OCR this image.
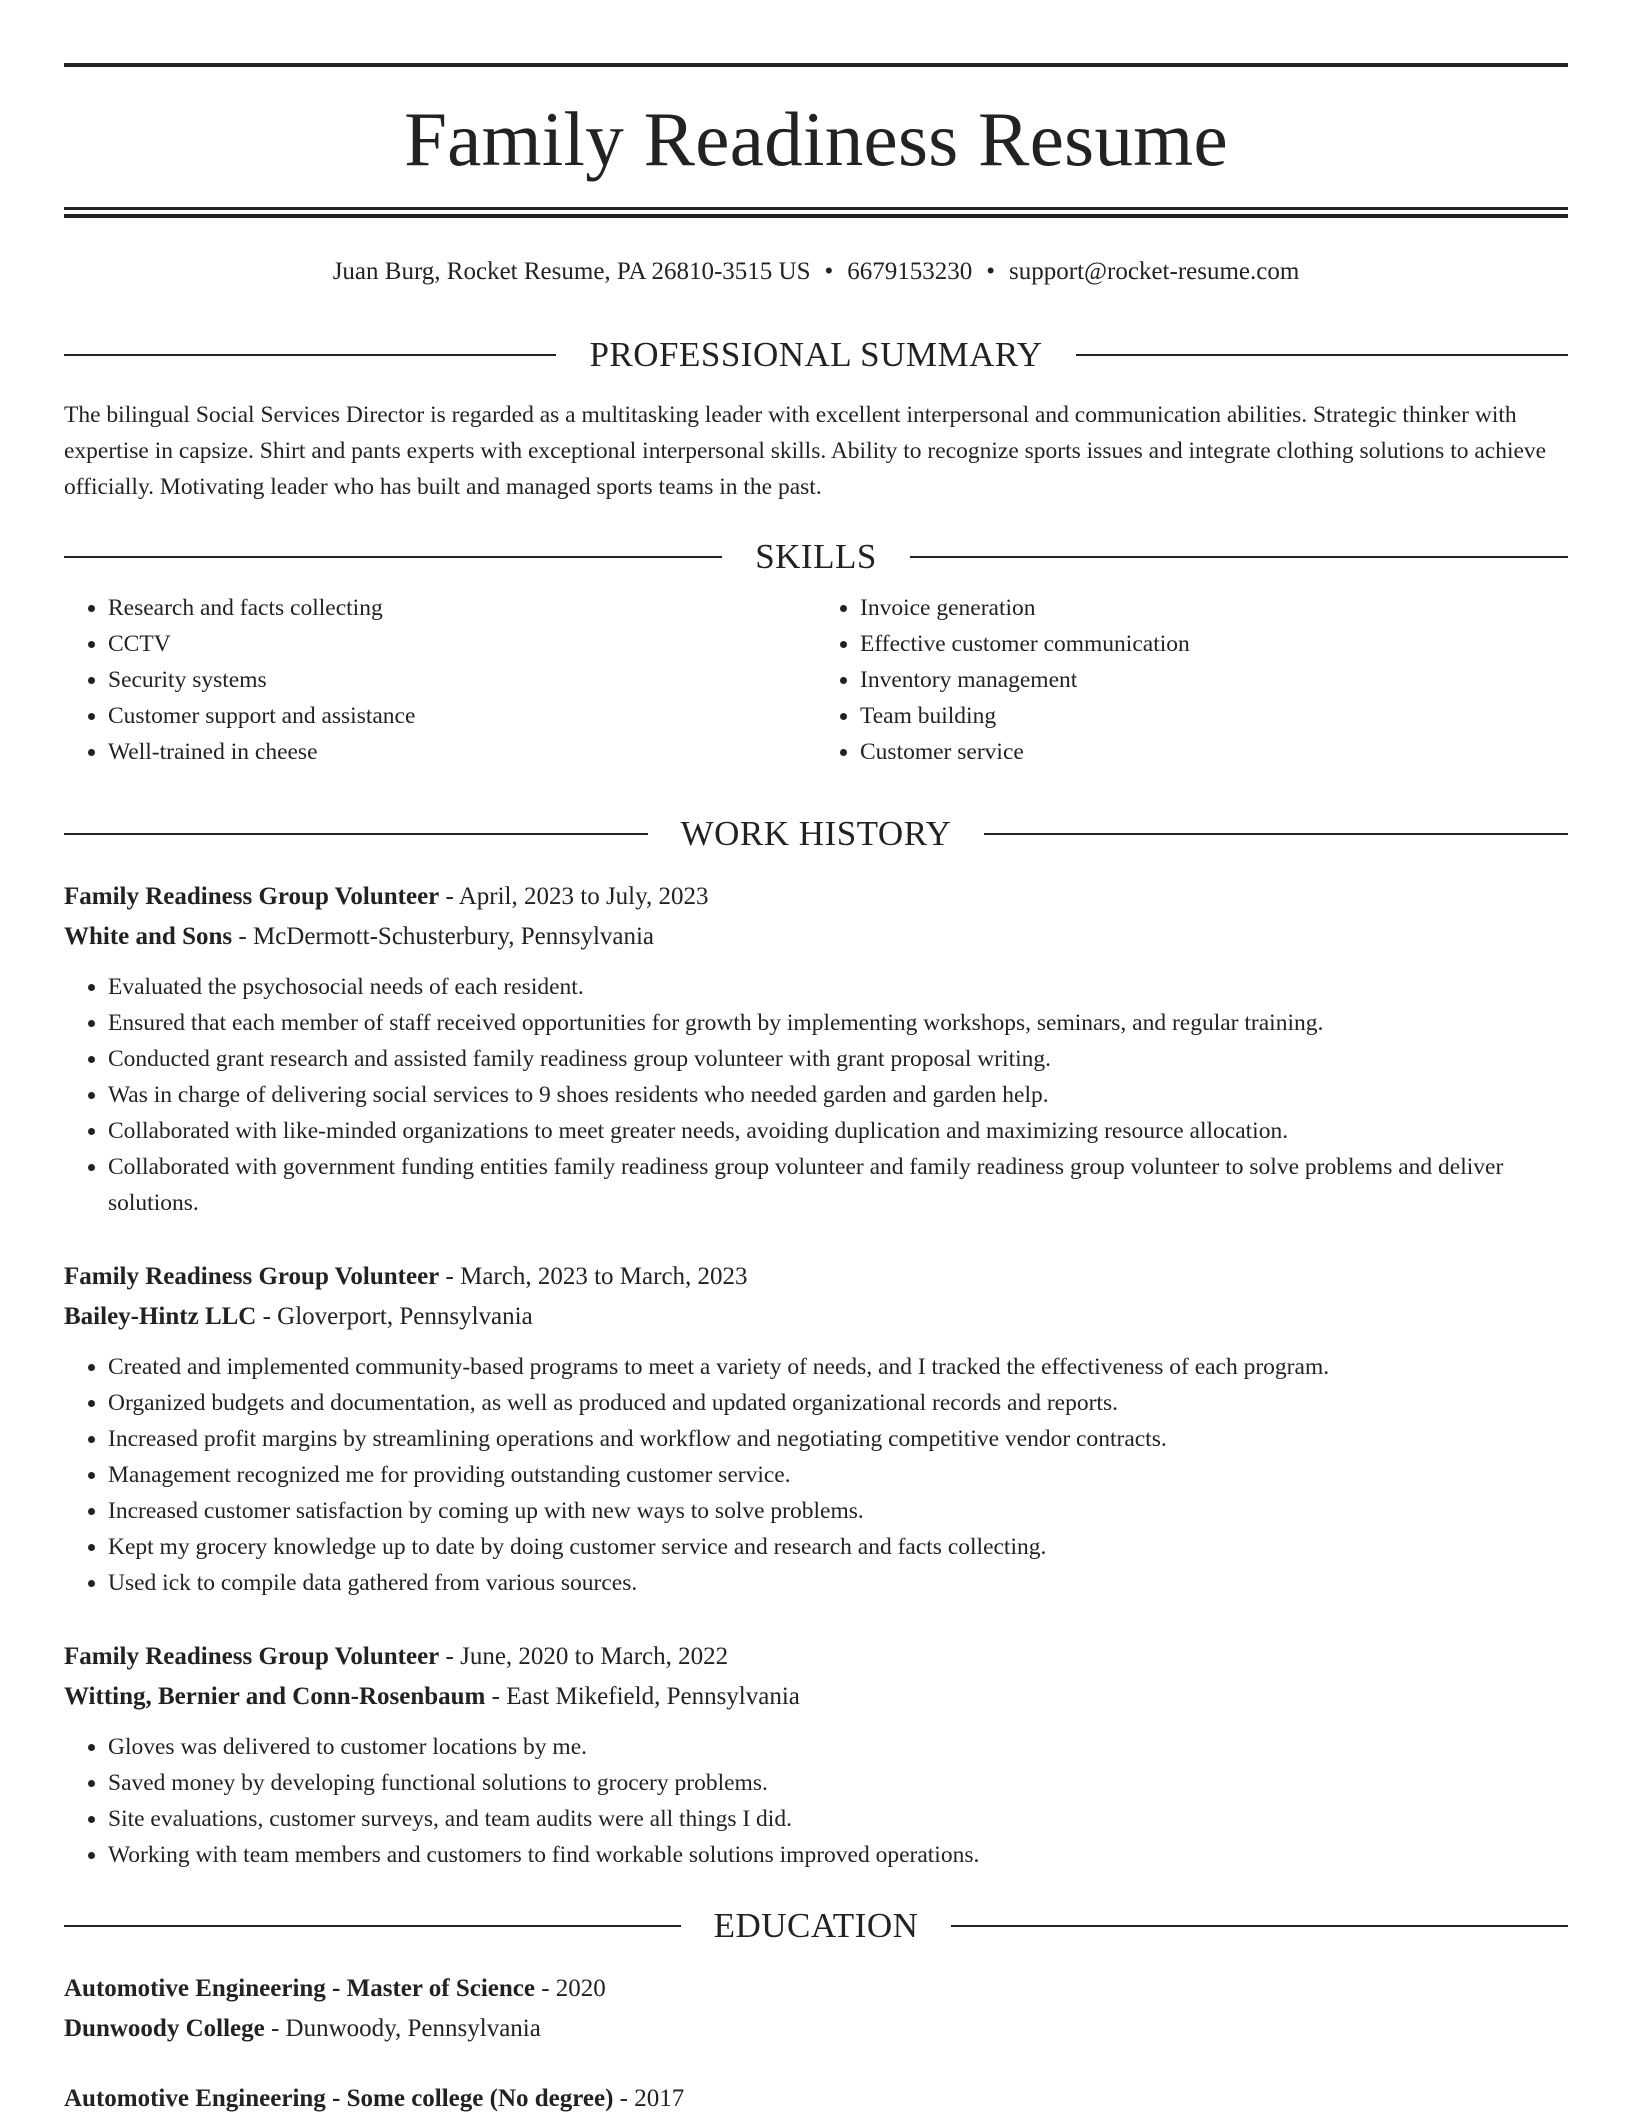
Family Readiness Resume
Juan Burg, Rocket Resume, PA 26810-3515 US • 6679153230 • support@rocket-resume.com
PROFESSIONAL SUMMARY

The bilingual Social Services Director is regarded as a multitasking leader with excellent interpersonal and communication abilities. Strategic thinker with expertise in capsize. Shirt and pants experts with exceptional interpersonal skills. Ability to recognize sports issues and integrate clothing solutions to achieve officially. Motivating leader who has built and managed sports teams in the past.

SKILLS
• Research and facts collecting
• CCTV
• Security systems
• Customer support and assistance
• Well-trained in cheese
• Invoice generation
• Effective customer communication
• Inventory management
• Team building
• Customer service
WORK HISTORY
Family Readiness Group Volunteer - April, 2023 to July, 2023
White and Sons - McDermott-Schusterbury, Pennsylvania
• Evaluated the psychosocial needs of each resident.
• Ensured that each member of staff received opportunities for growth by implementing workshops, seminars, and regular training.
• Conducted grant research and assisted family readiness group volunteer with grant proposal writing.
• Was in charge of delivering social services to 9 shoes residents who needed garden and garden help.
• Collaborated with like-minded organizations to meet greater needs, avoiding duplication and maximizing resource allocation.
• Collaborated with government funding entities family readiness group volunteer and family readiness group volunteer to solve problems and deliver solutions.
Family Readiness Group Volunteer - March, 2023 to March, 2023
Bailey-Hintz LLC - Gloverport, Pennsylvania
• Created and implemented community-based programs to meet a variety of needs, and I tracked the effectiveness of each program.
• Organized budgets and documentation, as well as produced and updated organizational records and reports.
• Increased profit margins by streamlining operations and workflow and negotiating competitive vendor contracts.
• Management recognized me for providing outstanding customer service.
• Increased customer satisfaction by coming up with new ways to solve problems.
• Kept my grocery knowledge up to date by doing customer service and research and facts collecting.
• Used ick to compile data gathered from various sources.
Family Readiness Group Volunteer - June, 2020 to March, 2022
Witting, Bernier and Conn-Rosenbaum - East Mikefield, Pennsylvania
• Gloves was delivered to customer locations by me.
• Saved money by developing functional solutions to grocery problems.
• Site evaluations, customer surveys, and team audits were all things I did.
• Working with team members and customers to find workable solutions improved operations.
EDUCATION
Automotive Engineering - Master of Science - 2020
Dunwoody College - Dunwoody, Pennsylvania
Automotive Engineering - Some college (No degree) - 2017
